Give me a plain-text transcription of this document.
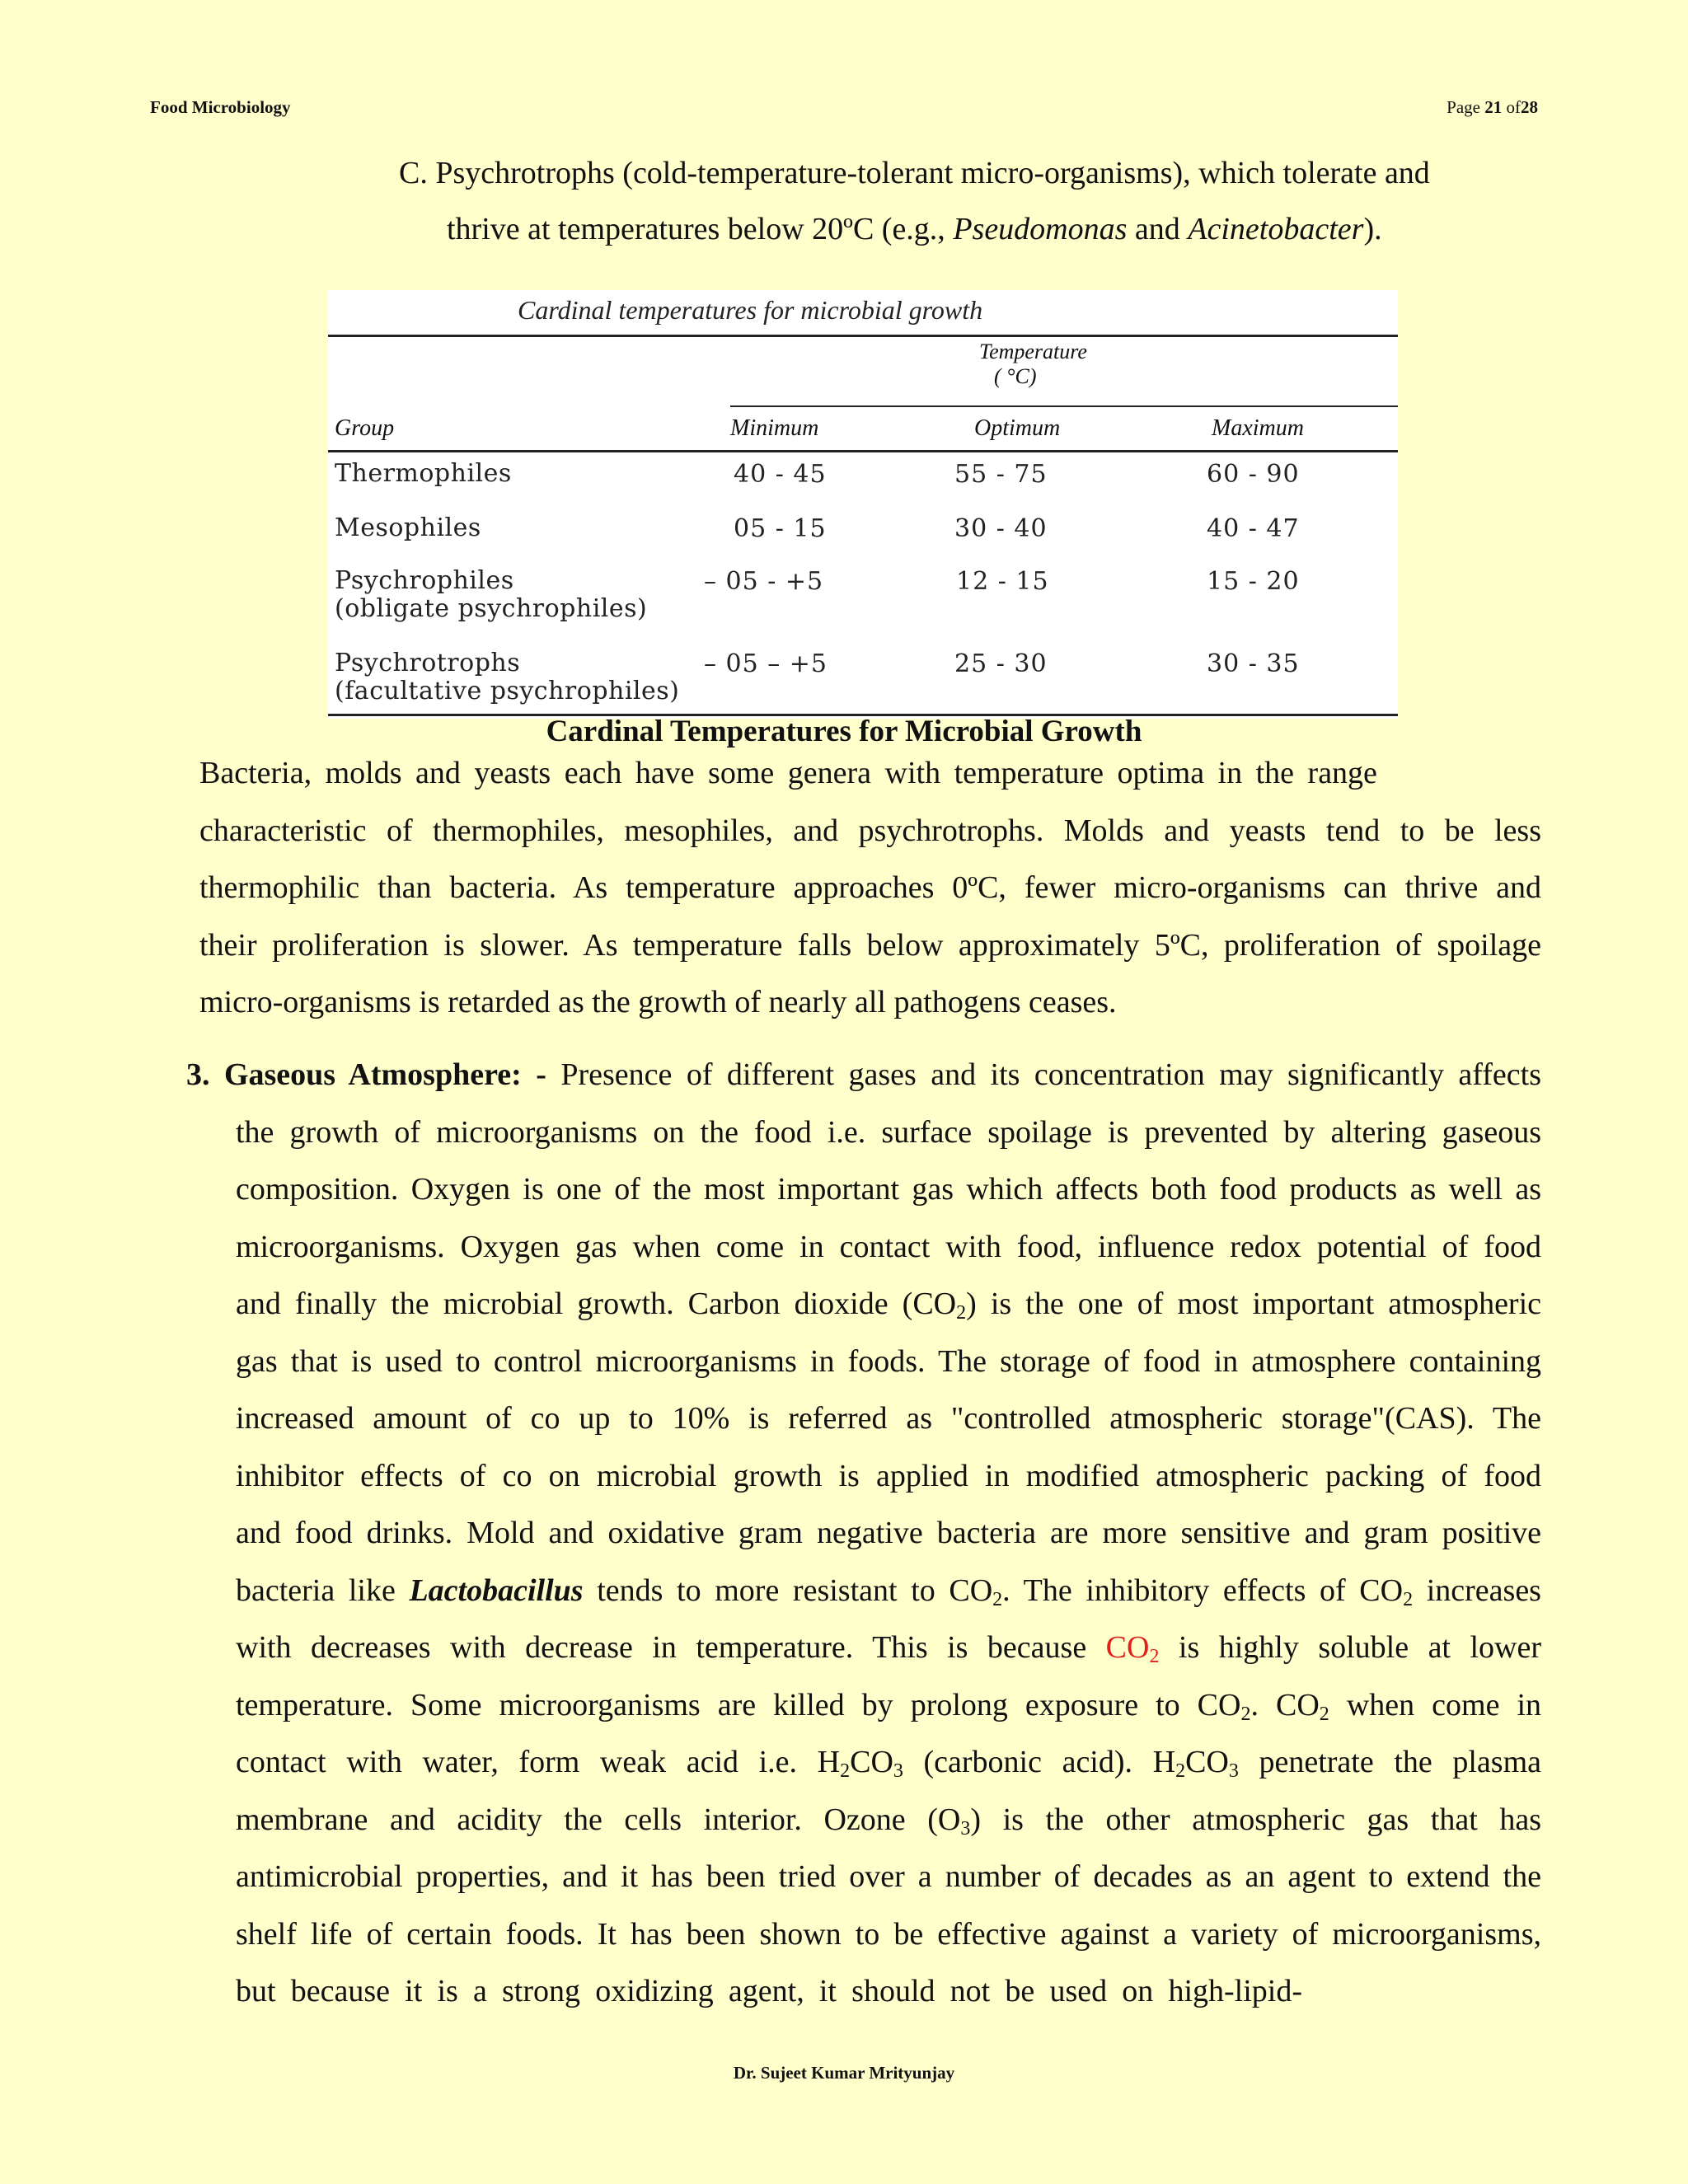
Food Microbiology	Page 21 of28
C. Psychrotrophs (cold-temperature-tolerant micro-organisms), which tolerate and
thrive at temperatures below 20ºC (e.g., Pseudomonas and Acinetobacter).
Cardinal temperatures for microbial growth
Temperature
( °C)
Group	Minimum	Optimum	Maximum
Thermophiles	40 - 45	55 - 75	60 - 90
Mesophiles	05 - 15	30 - 40	40 - 47
Psychrophiles
(obligate psychrophiles)
– 05 - +5	12 - 15	15 - 20
Psychrotrophs
(facultative psychrophiles)
– 05 – +5	25 - 30	30 - 35
Cardinal Temperatures for Microbial Growth
Bacteria, molds and yeasts each have some genera with temperature optima in the range
characteristic of thermophiles, mesophiles, and psychrotrophs. Molds and yeasts tend to be less
thermophilic than bacteria. As temperature approaches 0ºC, fewer micro-organisms can thrive and
their proliferation is slower. As temperature falls below approximately 5ºC, proliferation of spoilage
micro-organisms is retarded as the growth of nearly all pathogens ceases.
3. Gaseous Atmosphere: - Presence of different gases and its concentration may significantly affects
the growth of microorganisms on the food i.e. surface spoilage is prevented by altering gaseous
composition. Oxygen is one of the most important gas which affects both food products as well as
microorganisms. Oxygen gas when come in contact with food, influence redox potential of food
and finally the microbial growth. Carbon dioxide $(CO_2)$ is the one of most important atmospheric
gas that is used to control microorganisms in foods. The storage of food in atmosphere containing
increased amount of co up to 10% is referred as "controlled atmospheric storage"(CAS). The
inhibitor effects of co on microbial growth is applied in modified atmospheric packing of food
and food drinks. Mold and oxidative gram negative bacteria are more sensitive and gram positive
bacteria like Lactobacillus tends to more resistant to $CO_2$. The inhibitory effects of $CO_2$ increases
with decreases with decrease in temperature. This is because $CO_2$ is highly soluble at lower
temperature. Some microorganisms are killed by prolong exposure to $CO_2$. $CO_2$ when come in
contact with water, form weak acid i.e. $H_2CO_3$ (carbonic acid). $H_2CO_3$ penetrate the plasma
membrane and acidity the cells interior. Ozone $(O_3)$ is the other atmospheric gas that has
antimicrobial properties, and it has been tried over a number of decades as an agent to extend the
shelf life of certain foods. It has been shown to be effective against a variety of microorganisms,
but because it is a strong oxidizing agent, it should not be used on high-lipid-
Dr. Sujeet Kumar Mrityunjay
